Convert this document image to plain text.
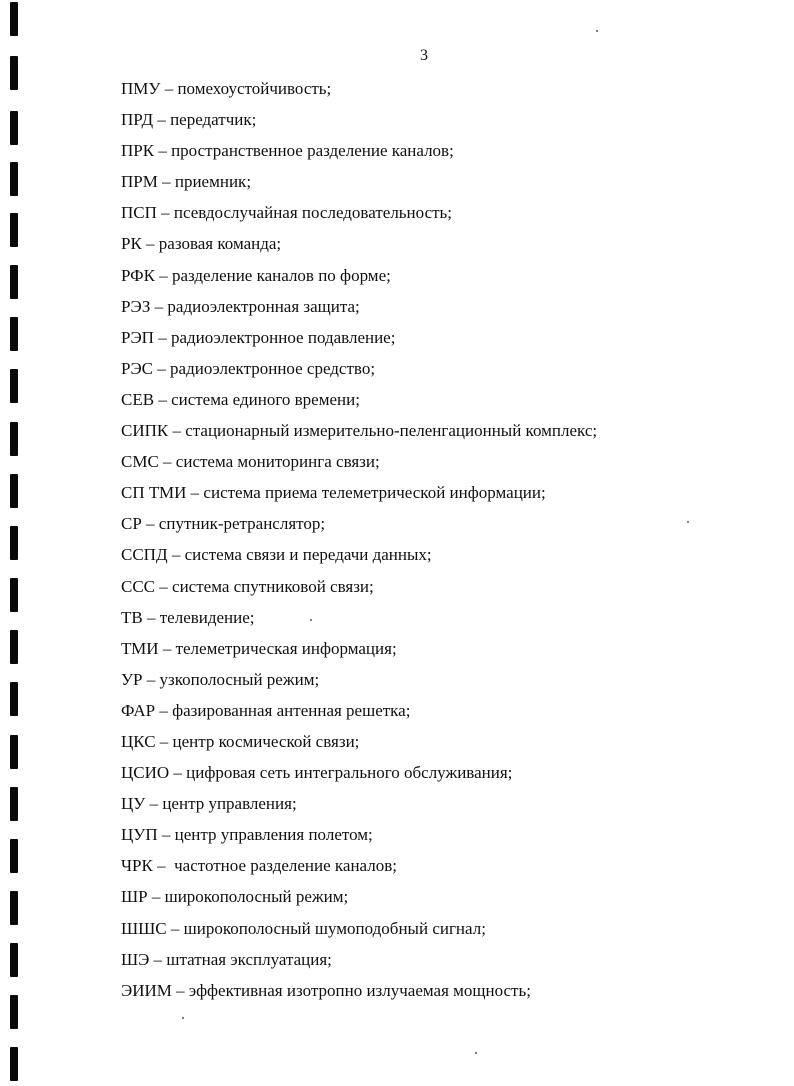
3
ПМУ – помехоустойчивость;
ПРД – передатчик;
ПРК – пространственное разделение каналов;
ПРМ – приемник;
ПСП – псевдослучайная последовательность;
РК – разовая команда;
РФК – разделение каналов по форме;
РЭЗ – радиоэлектронная защита;
РЭП – радиоэлектронное подавление;
РЭС – радиоэлектронное средство;
СЕВ – система единого времени;
СИПК – стационарный измерительно-пеленгационный комплекс;
СМС – система мониторинга связи;
СП ТМИ – система приема телеметрической информации;
СР – спутник-ретранслятор;
ССПД – система связи и передачи данных;
ССС – система спутниковой связи;
ТВ – телевидение;
ТМИ – телеметрическая информация;
УР – узкополосный режим;
ФАР – фазированная антенная решетка;
ЦКС – центр космической связи;
ЦСИО – цифровая сеть интегрального обслуживания;
ЦУ – центр управления;
ЦУП – центр управления полетом;
ЧРК –  частотное разделение каналов;
ШР – широкополосный режим;
ШШС – широкополосный шумоподобный сигнал;
ШЭ – штатная эксплуатация;
ЭИИМ – эффективная изотропно излучаемая мощность;
